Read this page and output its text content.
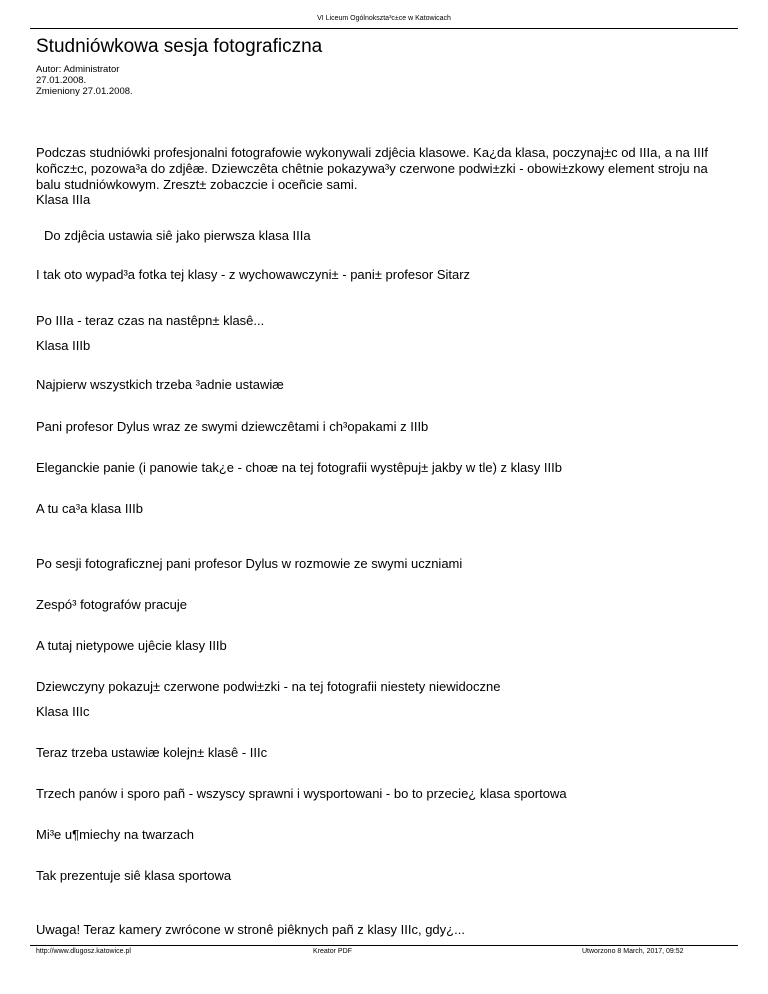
VI Liceum Ogólnokszta³c±ce w Katowicach
Studniówkowa sesja fotograficzna
Autor: Administrator
27.01.2008.
Zmieniony 27.01.2008.
Podczas studniówki profesjonalni fotografowie wykonywali zdjêcia klasowe. Ka¿da klasa, poczynaj±c od IIIa, a na IIIf koñcz±c, pozowa³a do zdjêæ. Dziewczêta chêtnie pokazywa³y czerwone podwi±zki - obowi±zkowy element stroju na balu studniówkowym. Zreszt± zobaczcie i oceñcie sami.
Klasa IIIa
Do zdjêcia ustawia siê jako pierwsza klasa IIIa
I tak oto wypad³a fotka tej klasy - z wychowawczyni± - pani± profesor Sitarz
Po IIIa - teraz czas na nastêpn± klasê...
Klasa IIIb
Najpierw wszystkich trzeba ³adnie ustawiæ
Pani profesor Dylus wraz ze swymi dziewczêtami i ch³opakami z IIIb
Eleganckie panie (i panowie tak¿e - choæ na tej fotografii wystêpuj± jakby w tle) z klasy IIIb
A tu ca³a klasa IIIb
Po sesji fotograficznej pani profesor Dylus w rozmowie ze swymi uczniami
Zespó³ fotografów pracuje
A tutaj nietypowe ujêcie klasy IIIb
Dziewczyny pokazuj± czerwone podwi±zki - na tej fotografii niestety niewidoczne
Klasa IIIc
Teraz trzeba ustawiæ kolejn± klasê - IIIc
Trzech panów i sporo pañ - wszyscy sprawni i wysportowani - bo to przecie¿ klasa sportowa
Mi³e u¶miechy na twarzach
Tak prezentuje siê klasa sportowa
Uwaga! Teraz kamery zwrócone w stronê piêknych pañ z klasy IIIc, gdy¿...
http://www.dlugosz.katowice.pl	Kreator PDF	Utworzono 8 March, 2017, 09:52
